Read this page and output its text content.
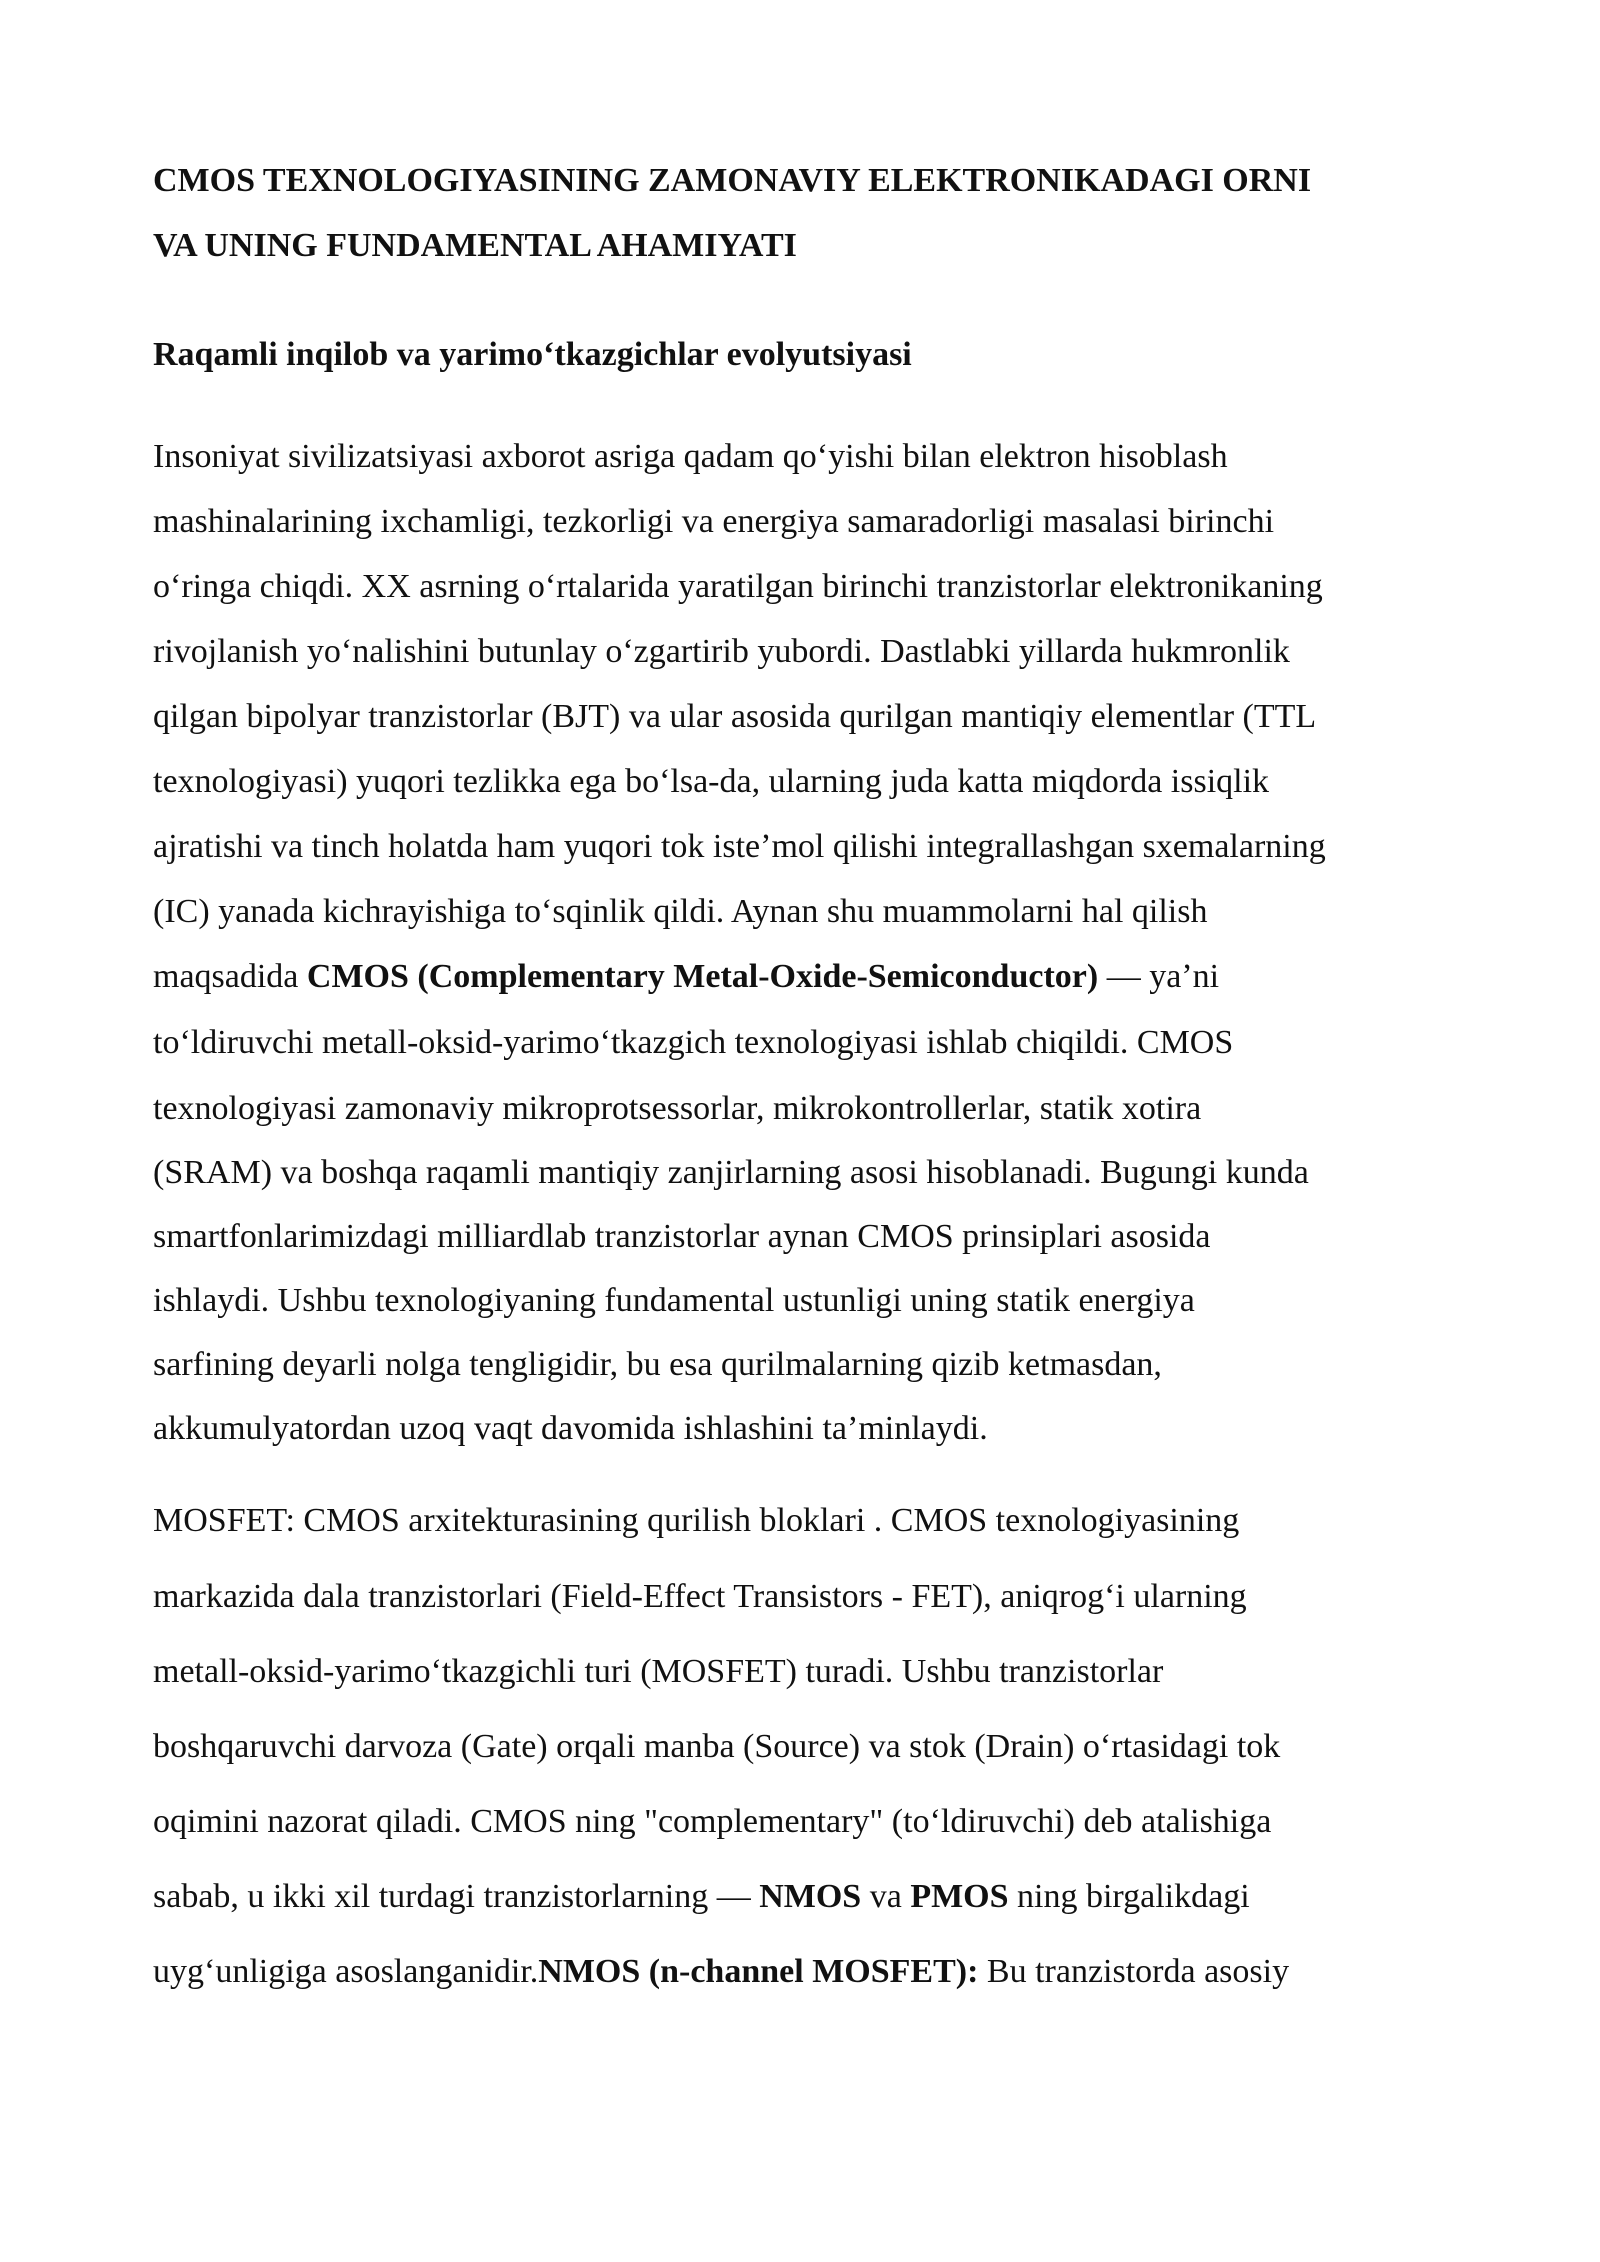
CMOS TEXNOLOGIYASINING ZAMONAVIY ELEKTRONIKADAGI ORNI
VA UNING FUNDAMENTAL AHAMIYATI
Raqamli inqilob va yarimoʻtkazgichlar evolyutsiyasi
Insoniyat sivilizatsiyasi axborot asriga qadam qoʻyishi bilan elektron hisoblash
mashinalarining ixchamligi, tezkorligi va energiya samaradorligi masalasi birinchi
oʻringa chiqdi. XX asrning oʻrtalarida yaratilgan birinchi tranzistorlar elektronikaning
rivojlanish yoʻnalishini butunlay oʻzgartirib yubordi. Dastlabki yillarda hukmronlik
qilgan bipolyar tranzistorlar (BJT) va ular asosida qurilgan mantiqiy elementlar (TTL
texnologiyasi) yuqori tezlikka ega boʻlsa-da, ularning juda katta miqdorda issiqlik
ajratishi va tinch holatda ham yuqori tok isteʼmol qilishi integrallashgan sxemalarning
(IC) yanada kichrayishiga toʻsqinlik qildi. Aynan shu muammolarni hal qilish
maqsadida CMOS (Complementary Metal-Oxide-Semiconductor) — yaʼni
toʻldiruvchi metall-oksid-yarimoʻtkazgich texnologiyasi ishlab chiqildi. CMOS
texnologiyasi zamonaviy mikroprotsessorlar, mikrokontrollerlar, statik xotira
(SRAM) va boshqa raqamli mantiqiy zanjirlarning asosi hisoblanadi. Bugungi kunda
smartfonlarimizdagi milliardlab tranzistorlar aynan CMOS prinsiplari asosida
ishlaydi. Ushbu texnologiyaning fundamental ustunligi uning statik energiya
sarfining deyarli nolga tengligidir, bu esa qurilmalarning qizib ketmasdan,
akkumulyatordan uzoq vaqt davomida ishlashini ta’minlaydi.
MOSFET: CMOS arxitekturasining qurilish bloklari . CMOS texnologiyasining
markazida dala tranzistorlari (Field-Effect Transistors - FET), aniqrogʻi ularning
metall-oksid-yarimoʻtkazgichli turi (MOSFET) turadi. Ushbu tranzistorlar
boshqaruvchi darvoza (Gate) orqali manba (Source) va stok (Drain) oʻrtasidagi tok
oqimini nazorat qiladi. CMOS ning "complementary" (toʻldiruvchi) deb atalishiga
sabab, u ikki xil turdagi tranzistorlarning — NMOS va PMOS ning birgalikdagi
uygʻunligiga asoslanganidir.NMOS (n-channel MOSFET): Bu tranzistorda asosiy
